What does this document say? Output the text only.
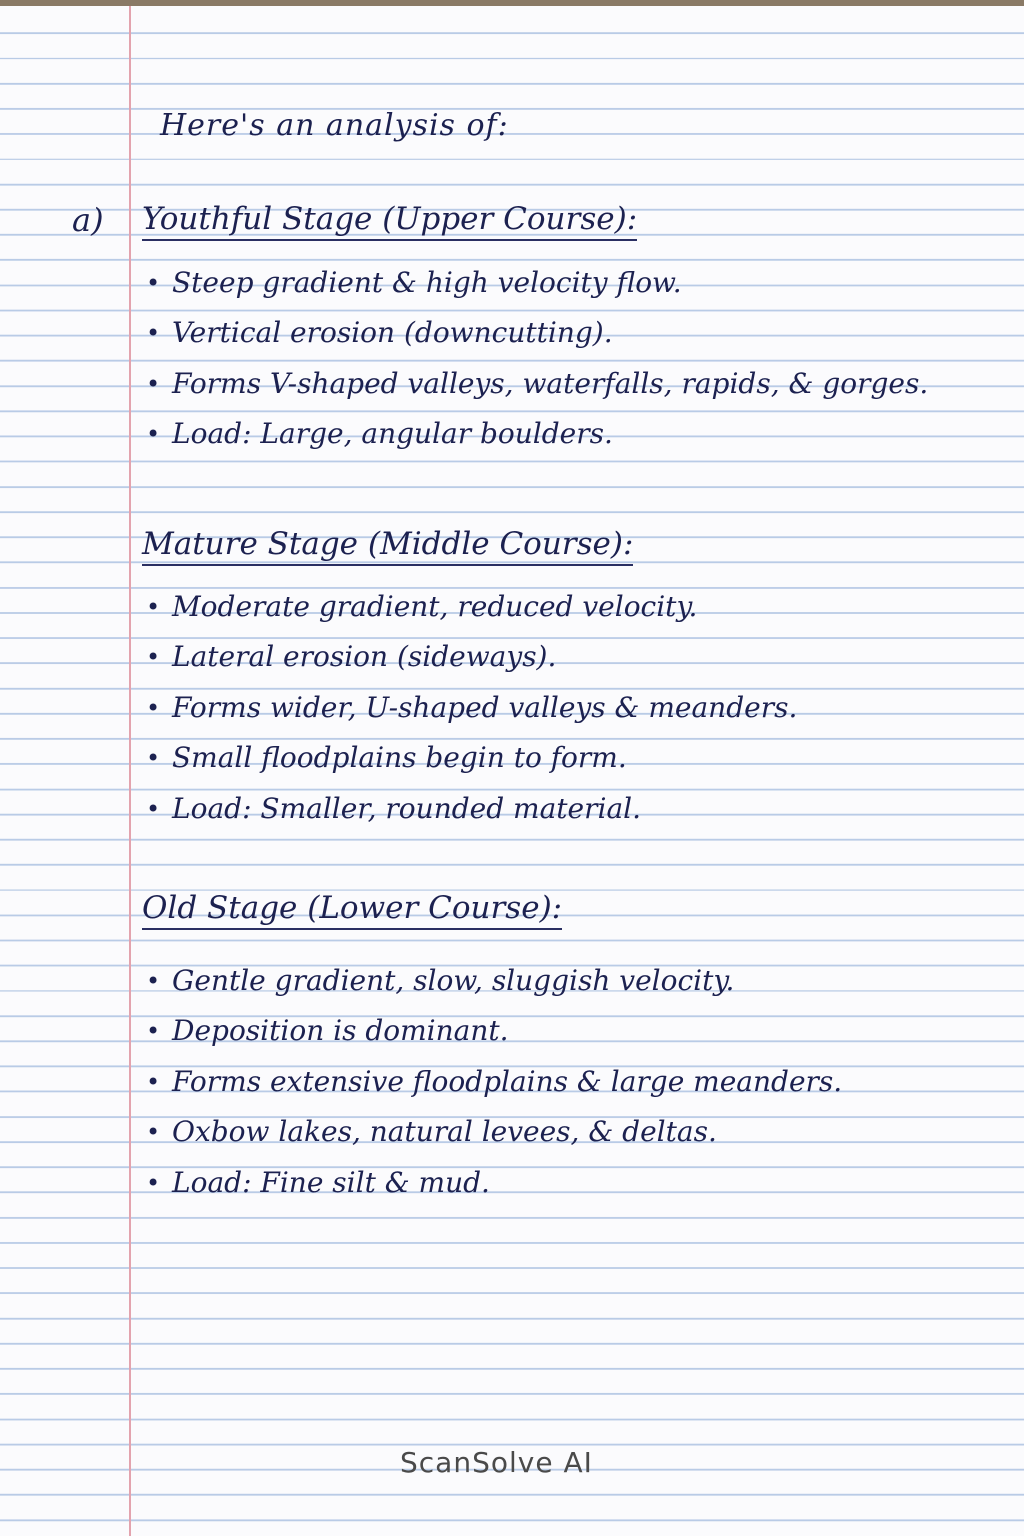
Here's an analysis of:

a) Youthful Stage (Upper Course):

• Steep gradient & high velocity flow.
• Vertical erosion (downcutting).
• Forms V-shaped valleys, waterfalls, rapids, & gorges.
• Load: Large, angular boulders.

Mature Stage (Middle Course):

• Moderate gradient, reduced velocity.
• Lateral erosion (sideways).
• Forms wider, U-shaped valleys & meanders.
• Small floodplains begin to form.
• Load: Smaller, rounded material.

Old Stage (Lower Course):

• Gentle gradient, slow, sluggish velocity.
• Deposition is dominant.
• Forms extensive floodplains & large meanders.
• Oxbow lakes, natural levees, & deltas.
• Load: Fine silt & mud.
ScanSolve AI
